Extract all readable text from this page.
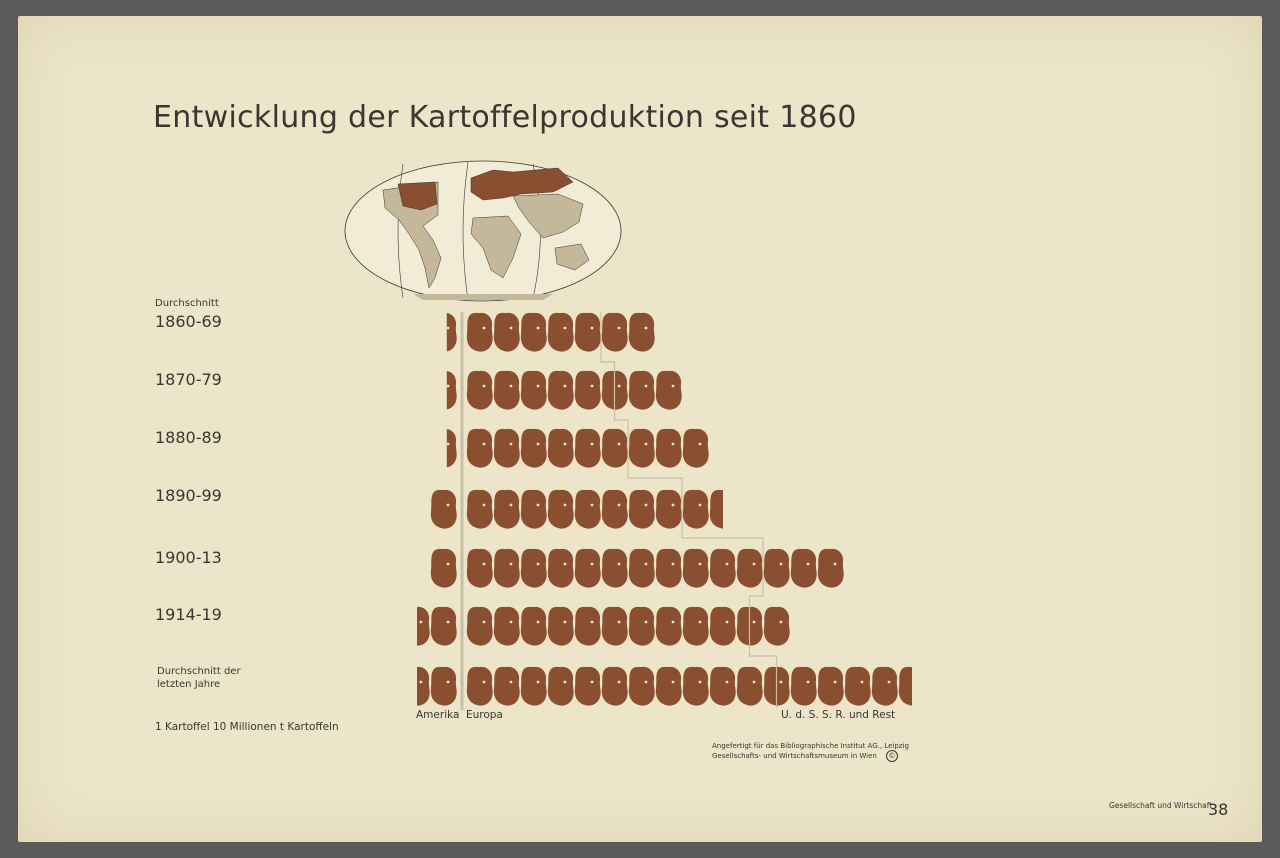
Entwicklung der Kartoffelproduktion seit 1860
Durchschnitt
1860-69
1870-79
1880-89
1890-99
1900-13
1914-19
Durchschnitt der
letzten Jahre
Amerika Europa	U. d. S. S. R. und Rest
1 Kartoffel 10 Millionen t Kartoffeln
Angefertigt für das Bibliographische Institut AG., Leipzig
Gesellschafts- und Wirtschaftsmuseum in Wien	©
Gesellschaft und Wirtschaft
38
